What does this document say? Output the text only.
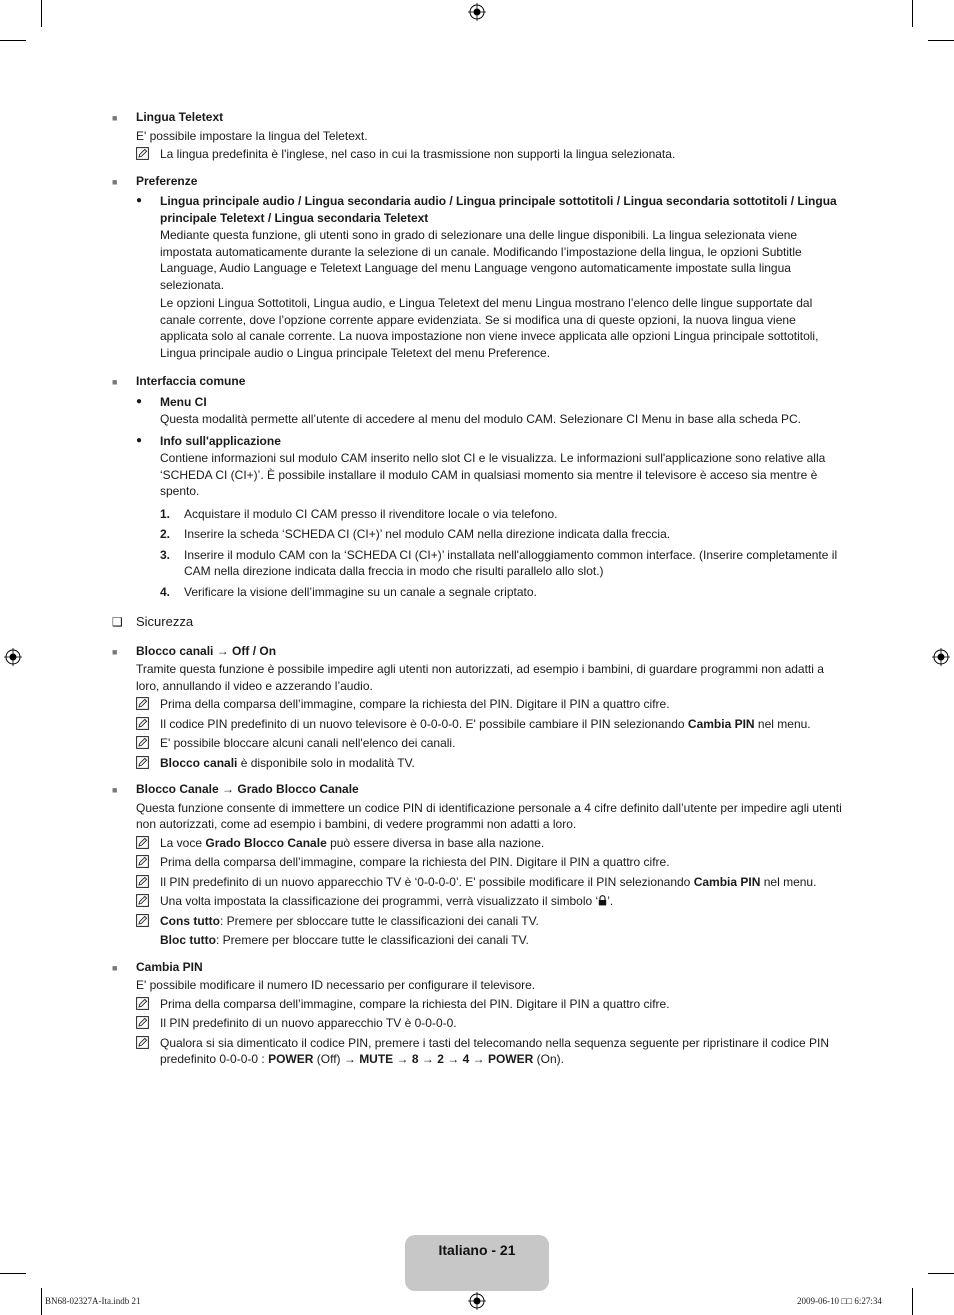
■	Lingua Teletext
E' possibile impostare la lingua del Teletext.
La lingua predefinita è l'inglese, nel caso in cui la trasmissione non supporti la lingua selezionata.
■	Preferenze
●	Lingua principale audio / Lingua secondaria audio / Lingua principale sottotitoli / Lingua secondaria sottotitoli / Lingua principale Teletext / Lingua secondaria Teletext
Mediante questa funzione, gli utenti sono in grado di selezionare una delle lingue disponibili. La lingua selezionata viene impostata automaticamente durante la selezione di un canale. Modificando l’impostazione della lingua, le opzioni Subtitle Language, Audio Language e Teletext Language del menu Language vengono automaticamente impostate sulla lingua selezionata.
Le opzioni Lingua Sottotitoli, Lingua audio, e Lingua Teletext del menu Lingua mostrano l’elenco delle lingue supportate dal canale corrente, dove l’opzione corrente appare evidenziata. Se si modifica una di queste opzioni, la nuova lingua viene applicata solo al canale corrente. La nuova impostazione non viene invece applicata alle opzioni Lingua principale sottotitoli, Lingua principale audio o Lingua principale Teletext del menu Preference.
■	Interfaccia comune
●	Menu CI
Questa modalità permette all’utente di accedere al menu del modulo CAM. Selezionare CI Menu in base alla scheda PC.
●	Info sull'applicazione
Contiene informazioni sul modulo CAM inserito nello slot CI e le visualizza. Le informazioni sull'applicazione sono relative alla ‘SCHEDA CI (CI+)’. È possibile installare il modulo CAM in qualsiasi momento sia mentre il televisore è acceso sia mentre è spento.
1.	Acquistare il modulo CI CAM presso il rivenditore locale o via telefono.
2.	Inserire la scheda ‘SCHEDA CI (CI+)’ nel modulo CAM nella direzione indicata dalla freccia.
3.	Inserire il modulo CAM con la ‘SCHEDA CI (CI+)’ installata nell'alloggiamento common interface. (Inserire completamente il CAM nella direzione indicata dalla freccia in modo che risulti parallelo allo slot.)
4.	Verificare la visione dell’immagine su un canale a segnale criptato.
❑	Sicurezza
■	Blocco canali → Off / On
Tramite questa funzione è possibile impedire agli utenti non autorizzati, ad esempio i bambini, di guardare programmi non adatti a loro, annullando il video e azzerando l’audio.
Prima della comparsa dell’immagine, compare la richiesta del PIN. Digitare il PIN a quattro cifre.
Il codice PIN predefinito di un nuovo televisore è 0-0-0-0. E' possibile cambiare il PIN selezionando Cambia PIN nel menu.
E' possibile bloccare alcuni canali nell'elenco dei canali.
Blocco canali è disponibile solo in modalità TV.
■	Blocco Canale → Grado Blocco Canale
Questa funzione consente di immettere un codice PIN di identificazione personale a 4 cifre definito dall’utente per impedire agli utenti non autorizzati, come ad esempio i bambini, di vedere programmi non adatti a loro.
La voce Grado Blocco Canale può essere diversa in base alla nazione.
Prima della comparsa dell’immagine, compare la richiesta del PIN. Digitare il PIN a quattro cifre.
Il PIN predefinito di un nuovo apparecchio TV è ‘0-0-0-0’. E' possibile modificare il PIN selezionando Cambia PIN nel menu.
Una volta impostata la classificazione dei programmi, verrà visualizzato il simbolo ‘ ’.
Cons tutto: Premere per sbloccare tutte le classificazioni dei canali TV.
Bloc tutto: Premere per bloccare tutte le classificazioni dei canali TV.
■	Cambia PIN
E' possibile modificare il numero ID necessario per configurare il televisore.
Prima della comparsa dell’immagine, compare la richiesta del PIN. Digitare il PIN a quattro cifre.
Il PIN predefinito di un nuovo apparecchio TV è 0-0-0-0.
Qualora si sia dimenticato il codice PIN, premere i tasti del telecomando nella sequenza seguente per ripristinare il codice PIN predefinito 0-0-0-0 : POWER (Off) → MUTE → 8 → 2 → 4 → POWER (On).
Italiano - 21
BN68-02327A-Ita.indb 21	2009-06-10 □□ 6:27:34
